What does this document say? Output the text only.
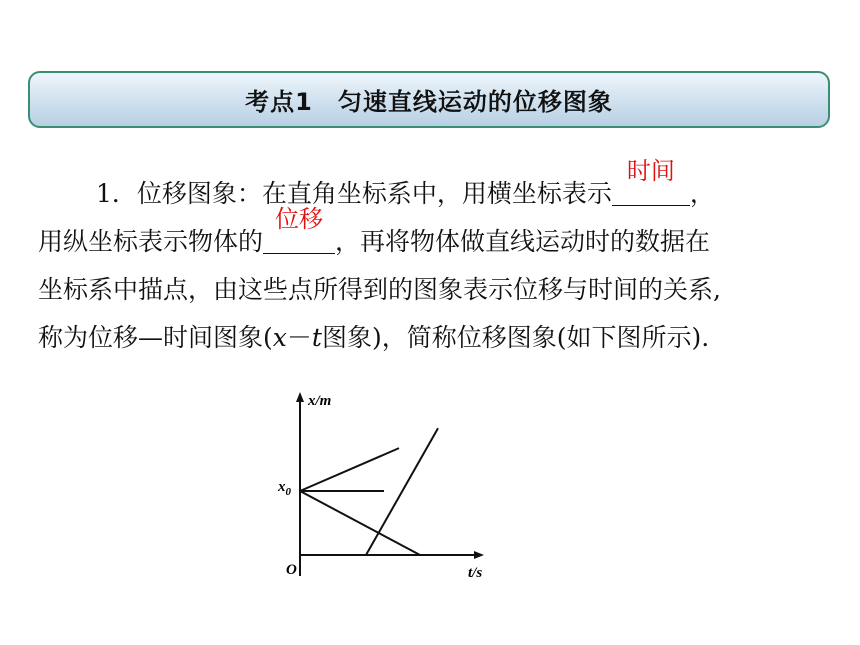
考点1　匀速直线运动的位移图象
1．位移图象：在直角坐标系中，用横坐标表示
时间
，
用纵坐标表示物体的
位移
，再将物体做直线运动时的数据在
坐标系中描点，由这些点所得到的图象表示位移与时间的关系,
称为位移—时间图象(x－t图象)，简称位移图象(如下图所示).
x/m
t/s
O
$x_0$
